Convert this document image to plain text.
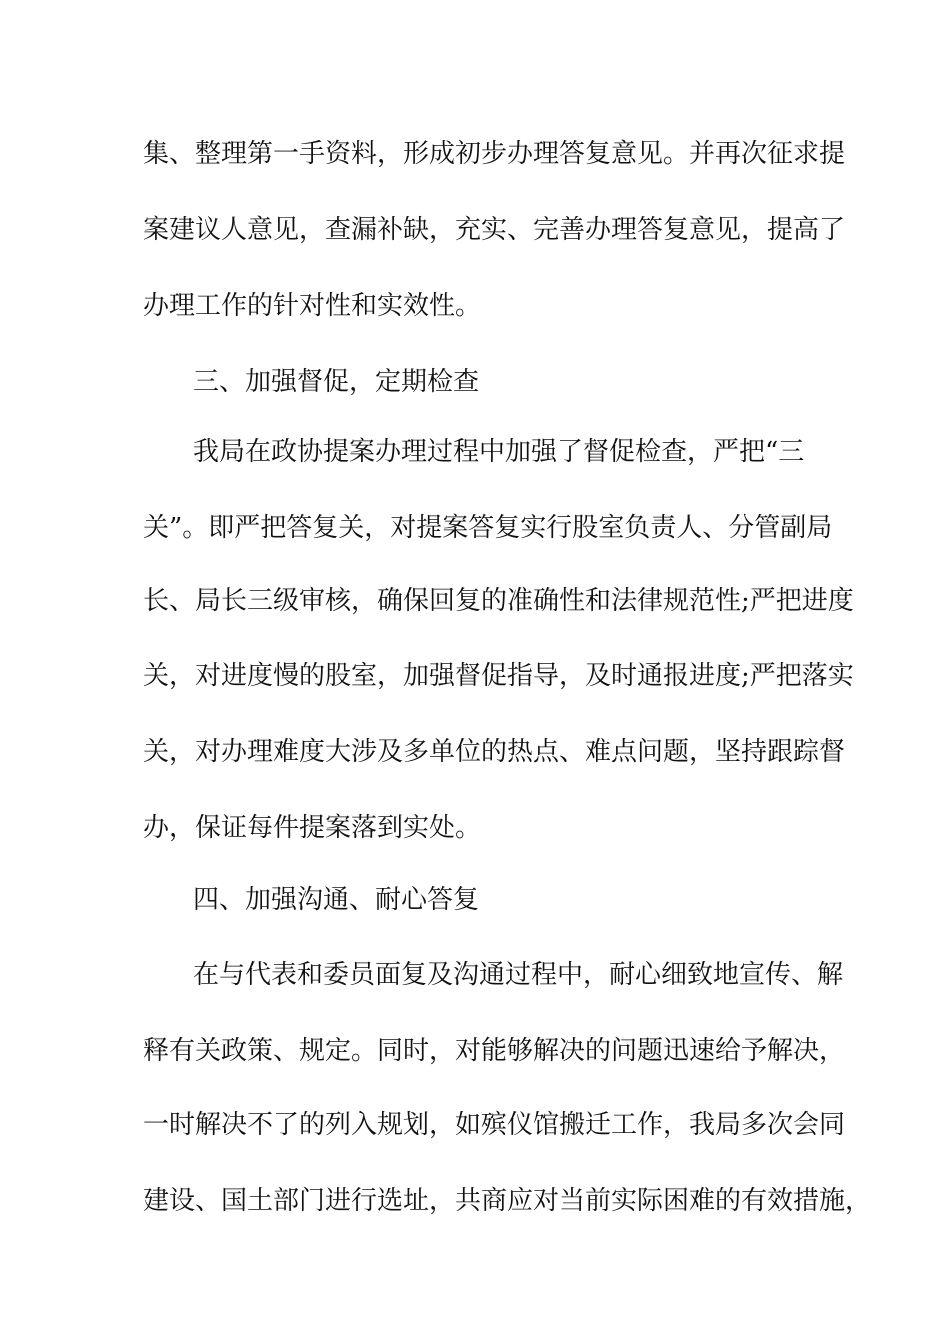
集、整理第一手资料，形成初步办理答复意见。并再次征求提
案建议人意见，查漏补缺，充实、完善办理答复意见，提高了
办理工作的针对性和实效性。
三、加强督促，定期检查
我局在政协提案办理过程中加强了督促检查，严把“三
关”。即严把答复关，对提案答复实行股室负责人、分管副局
长、局长三级审核，确保回复的准确性和法律规范性;严把进度
关，对进度慢的股室，加强督促指导，及时通报进度;严把落实
关，对办理难度大涉及多单位的热点、难点问题，坚持跟踪督
办，保证每件提案落到实处。
四、加强沟通、耐心答复
在与代表和委员面复及沟通过程中，耐心细致地宣传、解
释有关政策、规定。同时，对能够解决的问题迅速给予解决，
一时解决不了的列入规划，如殡仪馆搬迁工作，我局多次会同
建设、国土部门进行选址，共商应对当前实际困难的有效措施，
